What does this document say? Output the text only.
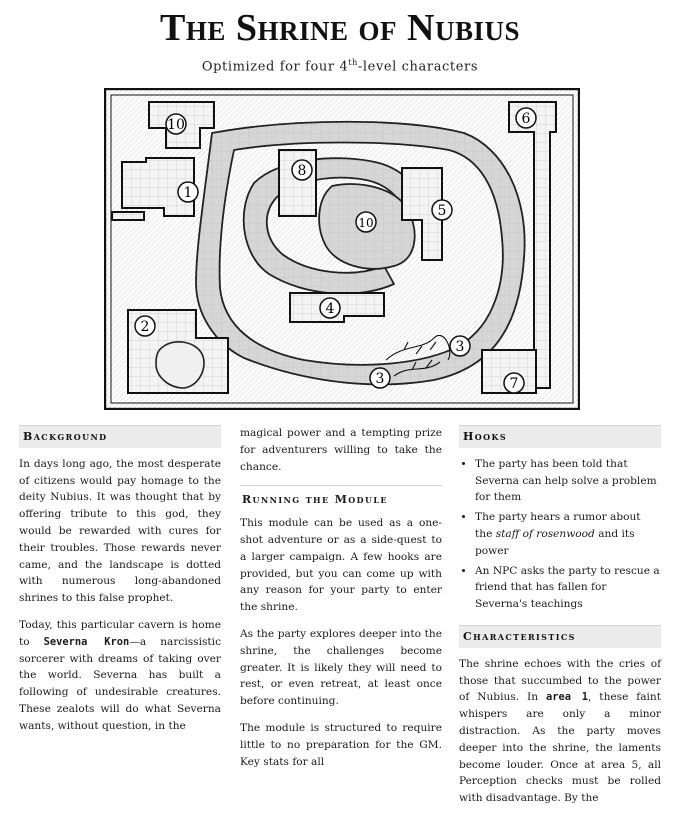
The Shrine of Nubius
Optimized for four 4th-level characters
10
1
2
8
10
5
4
6
3
3	7
Background

In days long ago, the most desperate of citizens would pay homage to the deity Nubius. It was thought that by offering tribute to this god, they would be rewarded with cures for their troubles. Those rewards never came, and the landscape is dotted with numerous long-abandoned shrines to this false prophet.

Today, this particular cavern is home to Severna Kron—a narcissistic sorcerer with dreams of taking over the world. Severna has built a following of undesirable creatures. These zealots will do what Severna wants, without question, in the

magical power and a tempting prize for adventurers willing to take the chance.

Running the Module

This module can be used as a one-shot adventure or as a side-quest to a larger campaign. A few hooks are provided, but you can come up with any reason for your party to enter the shrine.

As the party explores deeper into the shrine, the challenges become greater. It is likely they will need to rest, or even retreat, at least once before continuing.

The module is structured to require little to no preparation for the GM. Key stats for all

Hooks
• The party has been told that Severna can help solve a problem for them
• The party hears a rumor about the staff of rosenwood and its power
• An NPC asks the party to rescue a friend that has fallen for Severna's teachings
Characteristics

The shrine echoes with the cries of those that succumbed to the power of Nubius. In area 1, these faint whispers are only a minor distraction. As the party moves deeper into the shrine, the laments become louder. Once at area 5, all Perception checks must be rolled with disadvantage. By the
